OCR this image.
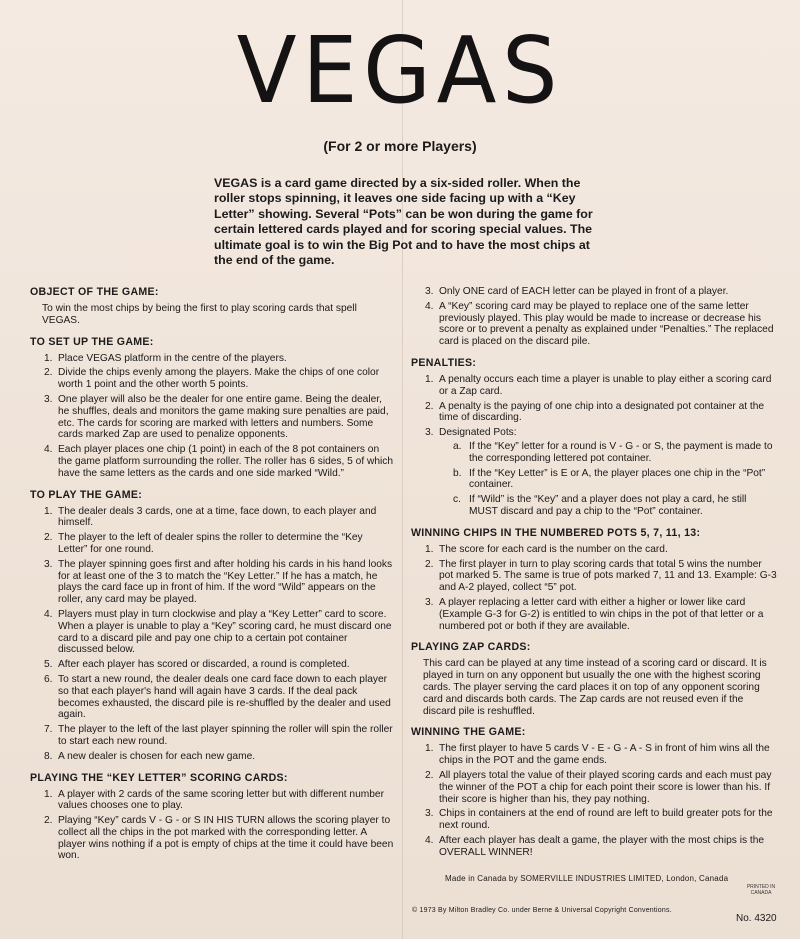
VEGAS
(For 2 or more Players)
VEGAS is a card game directed by a six-sided roller. When the roller stops spinning, it leaves one side facing up with a “Key Letter” showing. Several “Pots” can be won during the game for certain lettered cards played and for scoring special values. The ultimate goal is to win the Big Pot and to have the most chips at the end of the game.
OBJECT OF THE GAME:

To win the most chips by being the first to play scoring cards that spell VEGAS.

TO SET UP THE GAME:
1. Place VEGAS platform in the centre of the players.
2. Divide the chips evenly among the players. Make the chips of one color worth 1 point and the other worth 5 points.
3. One player will also be the dealer for one entire game. Being the dealer, he shuffles, deals and monitors the game making sure penalties are paid, etc. The cards for scoring are marked with letters and numbers. Some cards marked Zap are used to penalize opponents.
4. Each player places one chip (1 point) in each of the 8 pot containers on the game platform surrounding the roller. The roller has 6 sides, 5 of which have the same letters as the cards and one side marked “Wild.”
TO PLAY THE GAME:
1. The dealer deals 3 cards, one at a time, face down, to each player and himself.
2. The player to the left of dealer spins the roller to determine the “Key Letter” for one round.
3. The player spinning goes first and after holding his cards in his hand looks for at least one of the 3 to match the “Key Letter.” If he has a match, he plays the card face up in front of him. If the word “Wild” appears on the roller, any card may be played.
4. Players must play in turn clockwise and play a “Key Letter” card to score. When a player is unable to play a “Key” scoring card, he must discard one card to a discard pile and pay one chip to a certain pot container discussed below.
5. After each player has scored or discarded, a round is completed.
6. To start a new round, the dealer deals one card face down to each player so that each player's hand will again have 3 cards. If the deal pack becomes exhausted, the discard pile is re-shuffled by the dealer and used again.
7. The player to the left of the last player spinning the roller will spin the roller to start each new round.
8. A new dealer is chosen for each new game.
PLAYING THE “KEY LETTER” SCORING CARDS:
1. A player with 2 cards of the same scoring letter but with different number values chooses one to play.
2. Playing “Key” cards V - G - or S IN HIS TURN allows the scoring player to collect all the chips in the pot marked with the corresponding letter. A player wins nothing if a pot is empty of chips at the time it could have been won.
3. Only ONE card of EACH letter can be played in front of a player.
4. A “Key” scoring card may be played to replace one of the same letter previously played. This play would be made to increase or decrease his score or to prevent a penalty as explained under “Penalties.” The replaced card is placed on the discard pile.
PENALTIES:
1. A penalty occurs each time a player is unable to play either a scoring card or a Zap card.
2. A penalty is the paying of one chip into a designated pot container at the time of discarding.
3. Designated Pots:
a. If the “Key” letter for a round is V - G - or S, the payment is made to the corresponding lettered pot container.
b. If the “Key Letter” is E or A, the player places one chip in the “Pot” container.
c. If “Wild” is the “Key” and a player does not play a card, he still MUST discard and pay a chip to the “Pot” container.
WINNING CHIPS IN THE NUMBERED POTS 5, 7, 11, 13:
1. The score for each card is the number on the card.
2. The first player in turn to play scoring cards that total 5 wins the number pot marked 5. The same is true of pots marked 7, 11 and 13. Example: G-3 and A-2 played, collect “5” pot.
3. A player replacing a letter card with either a higher or lower like card (Example G-3 for G-2) is entitled to win chips in the pot of that letter or a numbered pot or both if they are available.
PLAYING ZAP CARDS:

This card can be played at any time instead of a scoring card or discard. It is played in turn on any opponent but usually the one with the highest scoring cards. The player serving the card places it on top of any opponent scoring card and discards both cards. The Zap cards are not reused even if the discard pile is reshuffled.

WINNING THE GAME:
1. The first player to have 5 cards V - E - G - A - S in front of him wins all the chips in the POT and the game ends.
2. All players total the value of their played scoring cards and each must pay the winner of the POT a chip for each point their score is lower than his. If their score is higher than his, they pay nothing.
3. Chips in containers at the end of round are left to build greater pots for the next round.
4. After each player has dealt a game, the player with the most chips is the OVERALL WINNER!
Made in Canada by SOMERVILLE INDUSTRIES LIMITED, London, Canada
PRINTED IN CANADA
© 1973 By Milton Bradley Co. under Berne & Universal Copyright Conventions.
No. 4320
